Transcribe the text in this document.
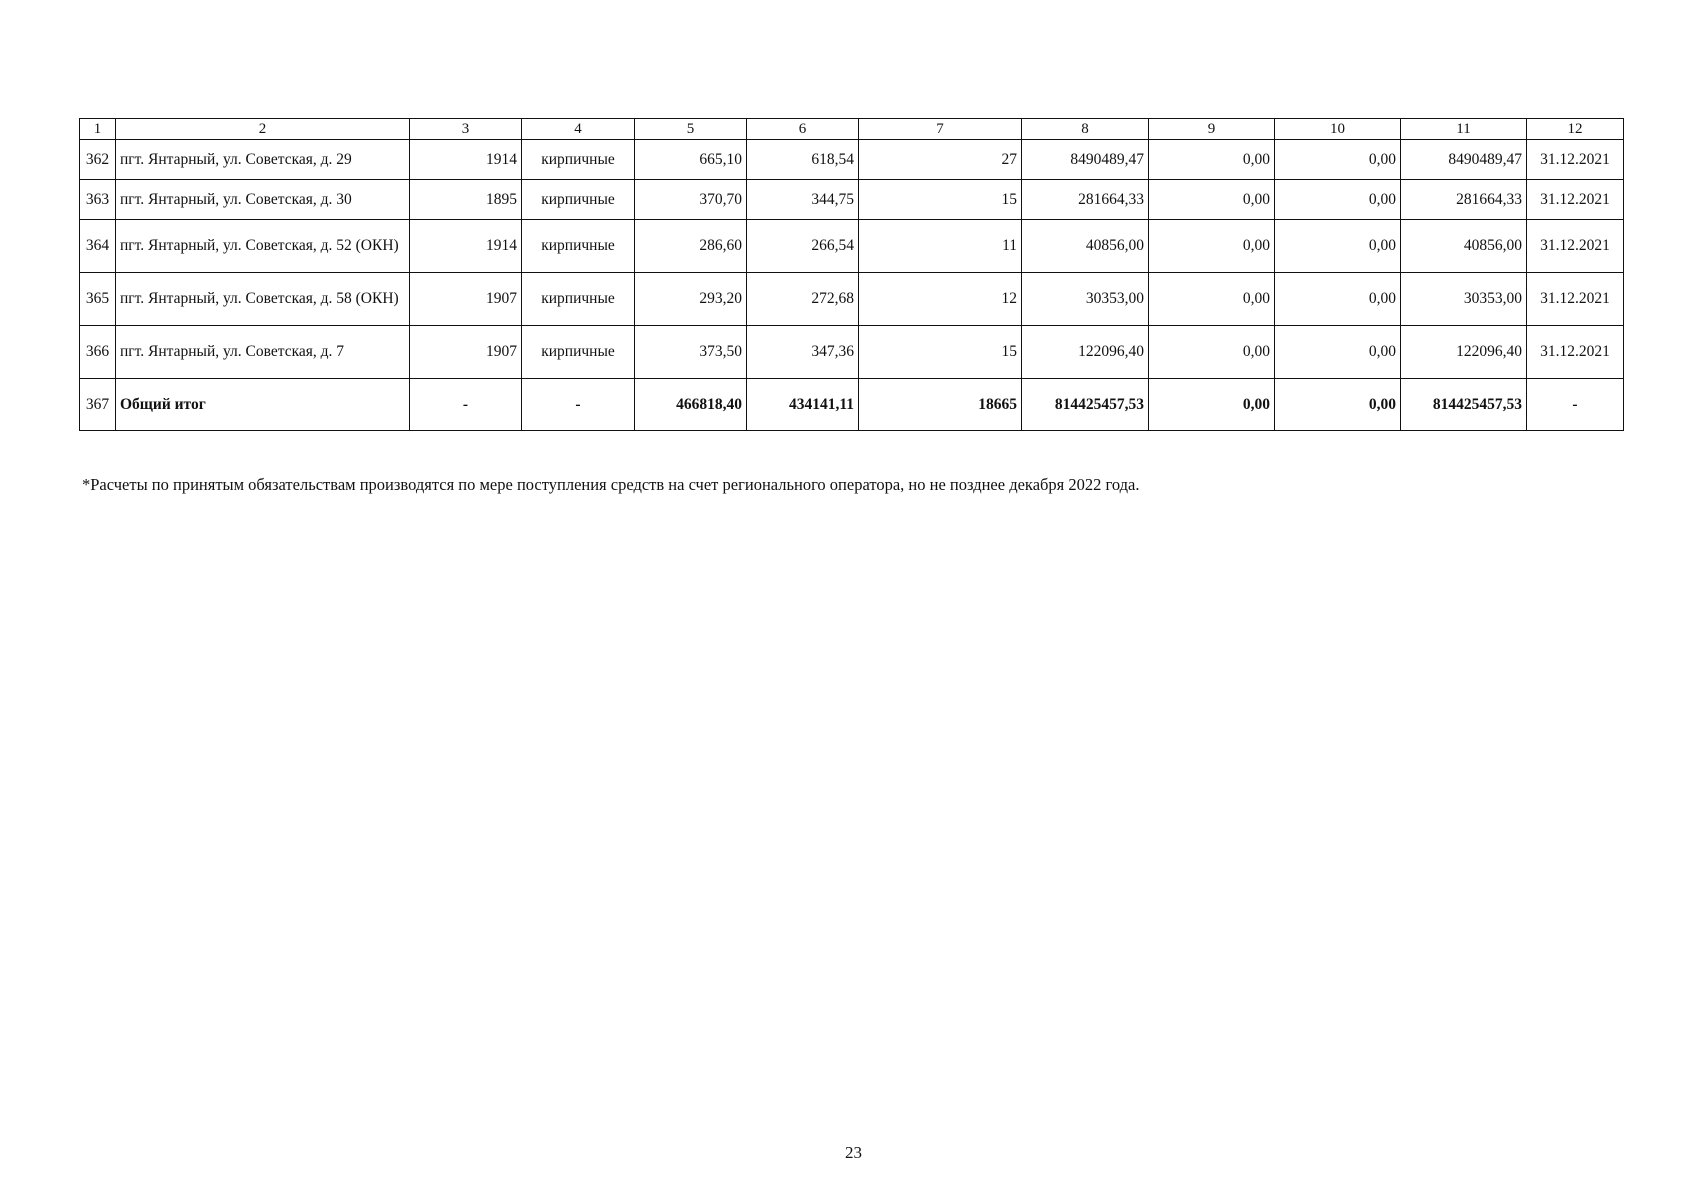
1	2	3	4	5	6	7	8	9	10	11	12
362	пгт. Янтарный, ул. Советская, д. 29	1914	кирпичные	665,10	618,54	27	8490489,47	0,00	0,00	8490489,47	31.12.2021
363	пгт. Янтарный, ул. Советская, д. 30	1895	кирпичные	370,70	344,75	15	281664,33	0,00	0,00	281664,33	31.12.2021
364	пгт. Янтарный, ул. Советская, д. 52 (ОКН)	1914	кирпичные	286,60	266,54	11	40856,00	0,00	0,00	40856,00	31.12.2021
365	пгт. Янтарный, ул. Советская, д. 58 (ОКН)	1907	кирпичные	293,20	272,68	12	30353,00	0,00	0,00	30353,00	31.12.2021
366	пгт. Янтарный, ул. Советская, д. 7	1907	кирпичные	373,50	347,36	15	122096,40	0,00	0,00	122096,40	31.12.2021
367	Общий итог	-	-	466818,40	434141,11	18665	814425457,53	0,00	0,00	814425457,53	-
*Расчеты по принятым обязательствам производятся по мере поступления средств на счет регионального оператора, но не позднее декабря 2022 года.
23
